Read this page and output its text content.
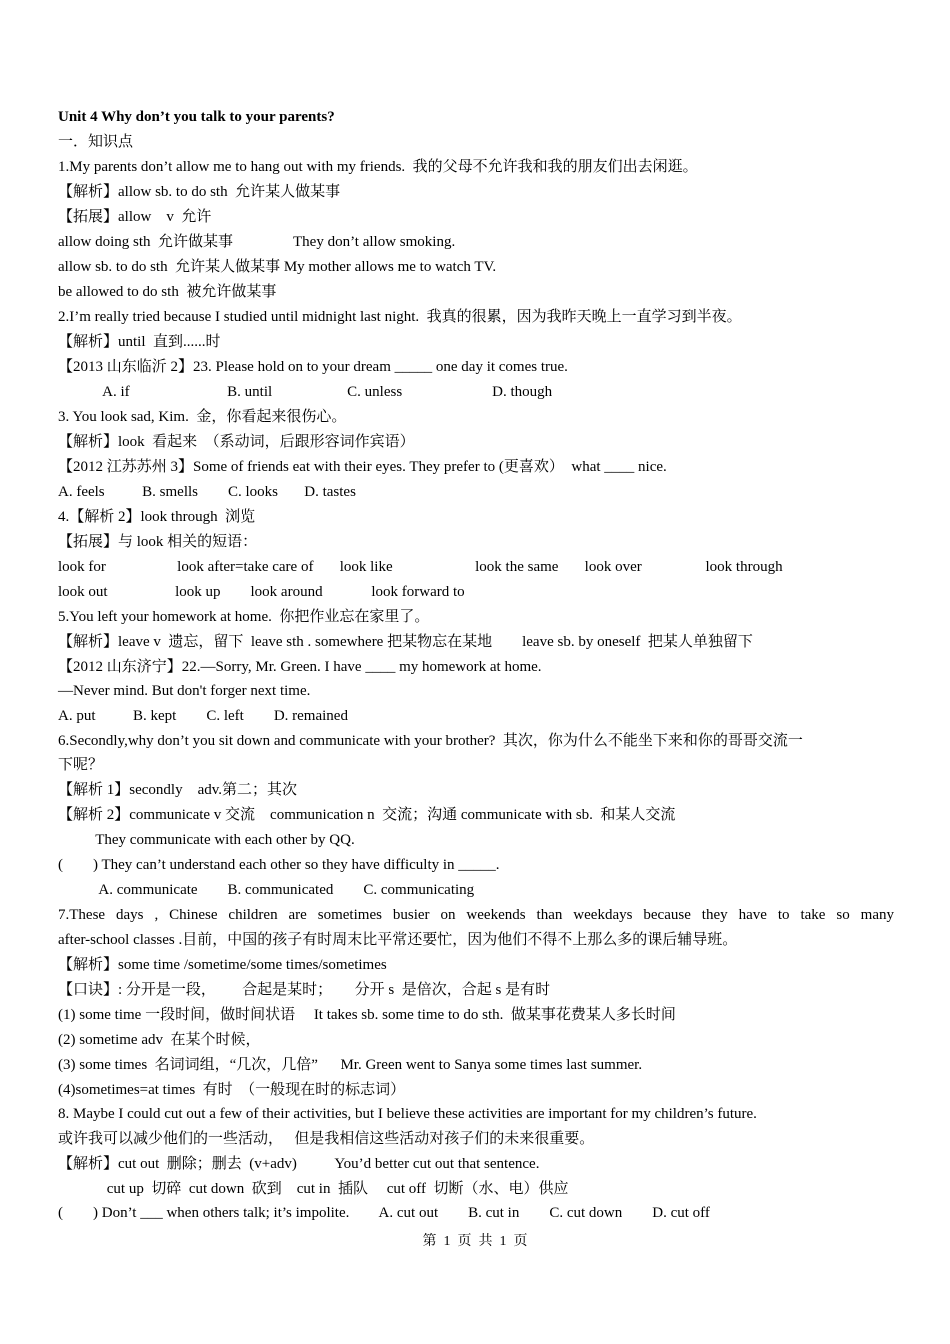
Unit 4 Why don’t you talk to your parents?
一．知识点
1.My parents don’t allow me to hang out with my friends.  我的父母不允许我和我的朋友们出去闲逛。
【解析】allow sb. to do sth  允许某人做某事
【拓展】allow    v  允许
allow doing sth  允许做某事                They don’t allow smoking.
allow sb. to do sth  允许某人做某事 My mother allows me to watch TV.
be allowed to do sth  被允许做某事
2.I’m really tried because I studied until midnight last night.  我真的很累，因为我昨天晚上一直学习到半夜。
【解析】until  直到......时
【2013 山东临沂 2】23. Please hold on to your dream _____ one day it comes true.
A. if                          B. until                    C. unless                        D. though
3. You look sad, Kim.  金，你看起来很伤心。
【解析】look  看起来  （系动词，后跟形容词作宾语）
【2012 江苏苏州 3】Some of friends eat with their eyes. They prefer to (更喜欢）  what ____ nice.
A. feels          B. smells        C. looks       D. tastes
4.【解析 2】look through  浏览
【拓展】与 look 相关的短语：
look for                   look after=take care of       look like                      look the same       look over                 look through
look out                  look up        look around             look forward to
5.You left your homework at home.  你把作业忘在家里了。
【解析】leave v  遗忘，留下  leave sth . somewhere 把某物忘在某地        leave sb. by oneself  把某人单独留下
【2012 山东济宁】22.—Sorry, Mr. Green. I have ____ my homework at home.
—Never mind. But don't forger next time.
A. put          B. kept        C. left        D. remained
6.Secondly,why don’t you sit down and communicate with your brother?  其次，你为什么不能坐下来和你的哥哥交流一
下呢？
【解析 1】secondly    adv.第二；其次
【解析 2】communicate v 交流    communication n  交流；沟通 communicate with sb.  和某人交流
They communicate with each other by QQ.
(        ) They can’t understand each other so they have difficulty in _____.
A. communicate        B. communicated        C. communicating
7.These days , Chinese children are sometimes busier on weekends than weekdays because they have to take so many
after-school classes .目前，中国的孩子有时周末比平常还要忙，因为他们不得不上那么多的课后辅导班。
【解析】some time /sometime/some times/sometimes
【口诀】: 分开是一段，       合起是某时；      分开 s  是倍次，合起 s 是有时
(1) some time 一段时间，做时间状语     It takes sb. some time to do sth.  做某事花费某人多长时间
(2) sometime adv  在某个时候，
(3) some times  名词词组，“几次，几倍”      Mr. Green went to Sanya some times last summer.
(4)sometimes=at times  有时  （一般现在时的标志词）
8. Maybe I could cut out a few of their activities, but I believe these activities are important for my children’s future.
或许我可以减少他们的一些活动，   但是我相信这些活动对孩子们的未来很重要。
【解析】cut out  删除；删去  (v+adv)          You’d better cut out that sentence.
cut up  切碎  cut down  砍到    cut in  插队     cut off  切断（水、电）供应
(        ) Don’t ___ when others talk; it’s impolite.        A. cut out        B. cut in        C. cut down        D. cut off
第  1  页  共  1  页
